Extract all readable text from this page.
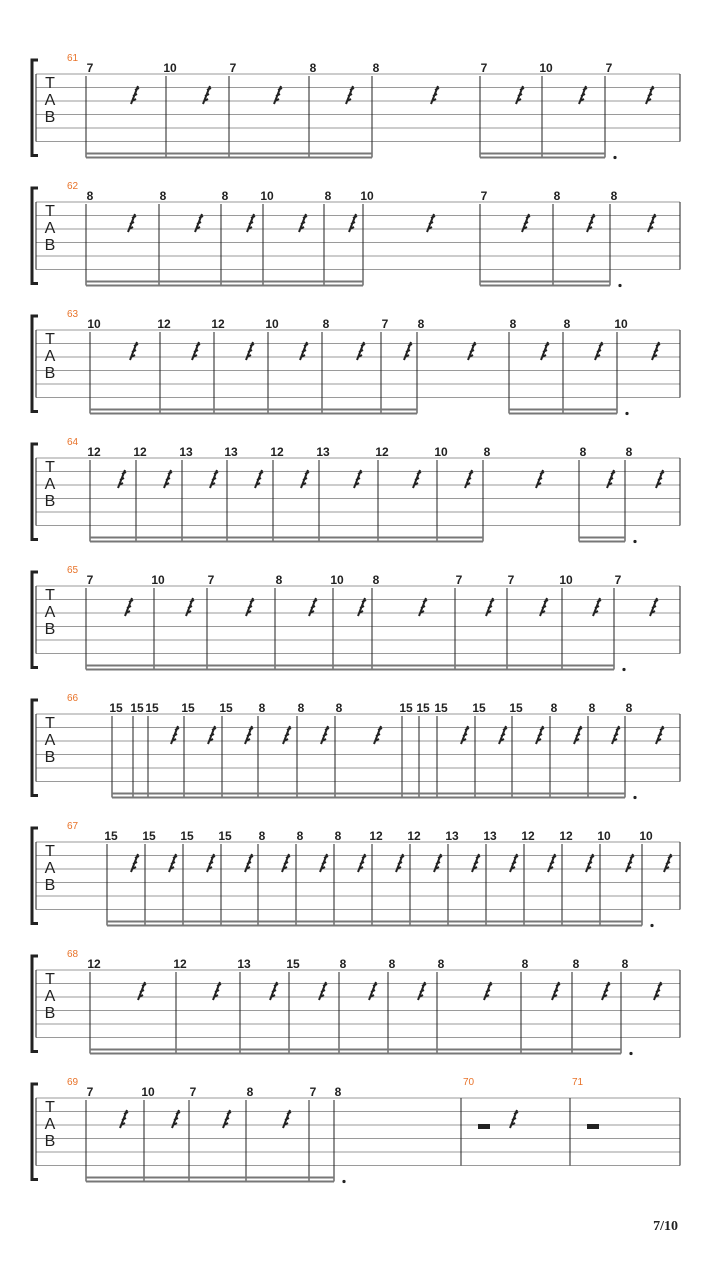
T
A
B
61
7	10	7	8	8	7	10	7
T
A
B
62
8	8	8	10	8 10	7	8	8
T
A
B
63
10	12	12	10	8	7 8	8	8	10
T
A
B
64
12	12	13	13	12	13	12	10	8	8	8
T
A
B
65
7	10	7	8	10 8	7	7	10	7
T
A
B
66
15 15 15 15 15 8	8	8	15 15 15 15 15 8	8	8
T
A
B
67
15 15 15 15 8	8	8 12 12 13 13 12 12 10 10
T
A
B
68
12	12	13	15	8	8	8	8	8	8
T
A
B
69	70	71
7	10	7	8	7 8
7/10
